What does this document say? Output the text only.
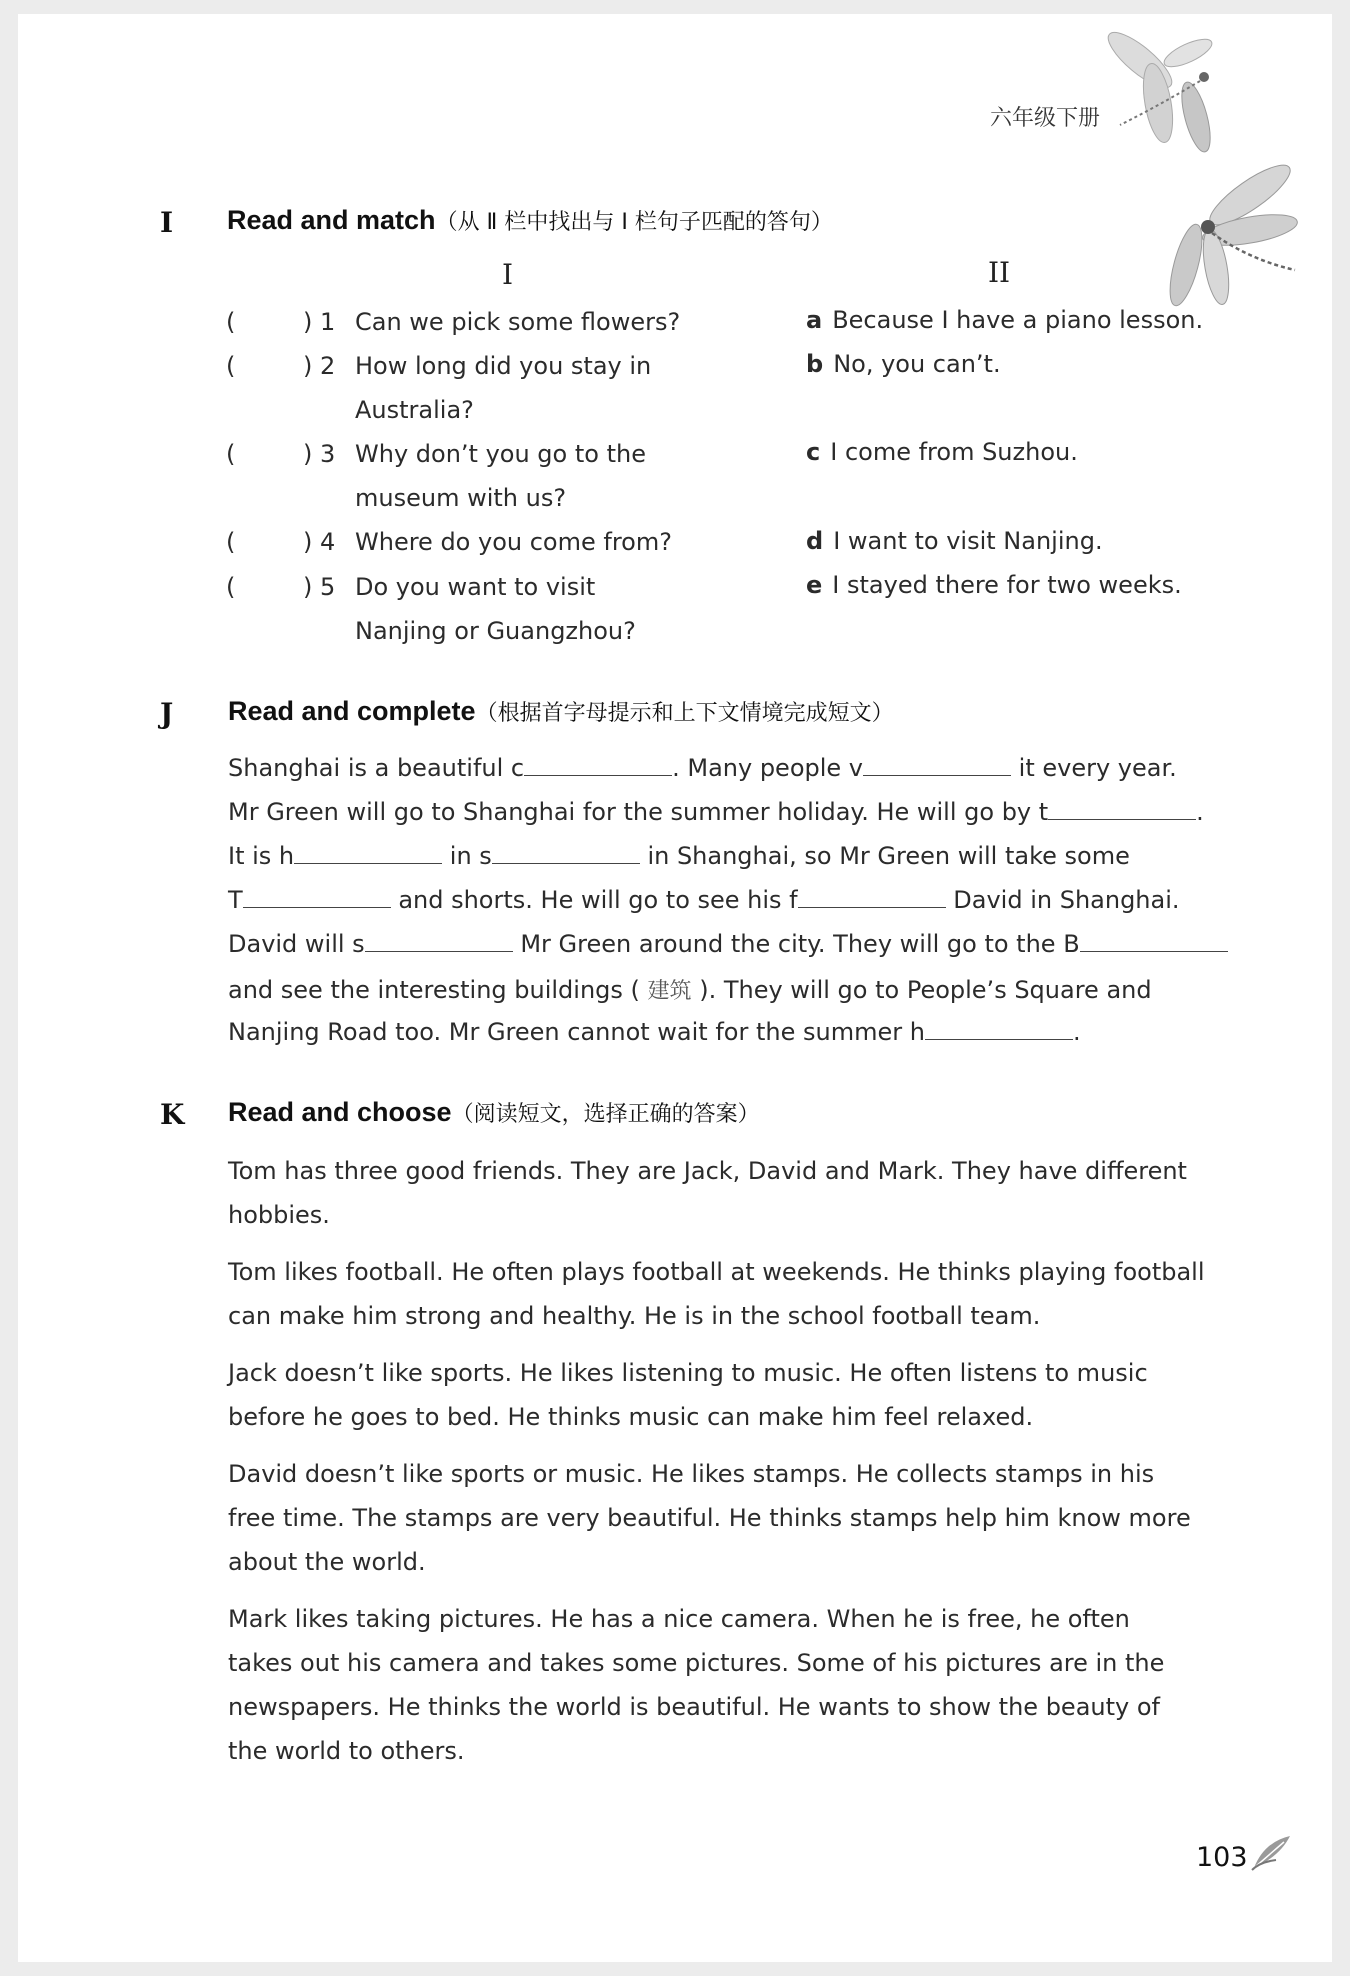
六年级下册
I Read and match（从 Ⅱ 栏中找出与 Ⅰ 栏句子匹配的答句）
I	II
(	) 1 Can we pick some flowers?
(	) 2 How long did you stay in
Australia?
(	) 3 Why don’t you go to the
museum with us?
(	) 4 Where do you come from?
(	) 5 Do you want to visit
Nanjing or Guangzhou?
a Because I have a piano lesson.
b No, you can’t.
c I come from Suzhou.
d I want to visit Nanjing.
e I stayed there for two weeks.
J Read and complete（根据首字母提示和上下文情境完成短文）
Shanghai is a beautiful c	. Many people v	it every year.
Mr Green will go to Shanghai for the summer holiday. He will go by t	.
It is h	in s	in Shanghai, so Mr Green will take some
T	and shorts. He will go to see his f	David in Shanghai.
David will s	Mr Green around the city. They will go to the B
and see the interesting buildings ( 建筑 ). They will go to People’s Square and
Nanjing Road too. Mr Green cannot wait for the summer h	.
K Read and choose（阅读短文，选择正确的答案）
Tom has three good friends. They are Jack, David and Mark. They have different
hobbies.
Tom likes football. He often plays football at weekends. He thinks playing football
can make him strong and healthy. He is in the school football team.
Jack doesn’t like sports. He likes listening to music. He often listens to music
before he goes to bed. He thinks music can make him feel relaxed.
David doesn’t like sports or music. He likes stamps. He collects stamps in his
free time. The stamps are very beautiful. He thinks stamps help him know more
about the world.
Mark likes taking pictures. He has a nice camera. When he is free, he often
takes out his camera and takes some pictures. Some of his pictures are in the
newspapers. He thinks the world is beautiful. He wants to show the beauty of
the world to others.
103
